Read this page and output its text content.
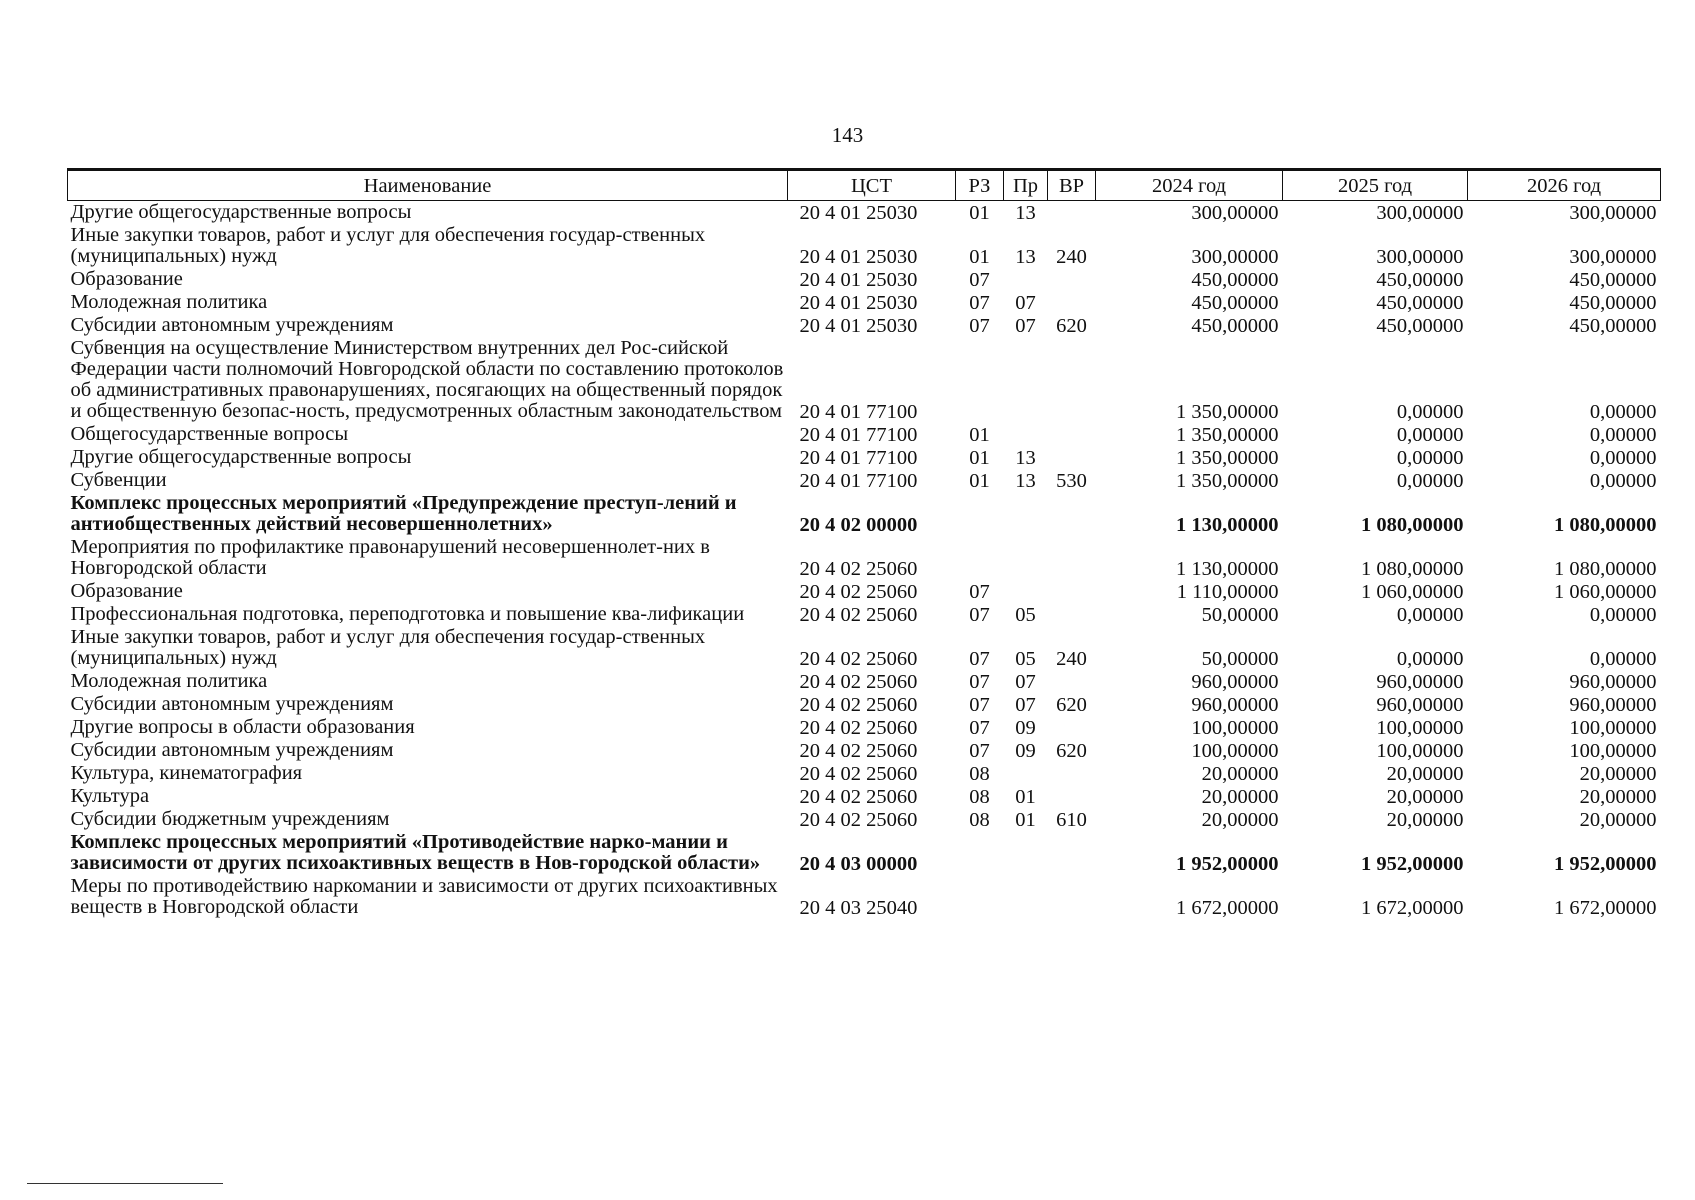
143
Наименование	ЦСТ	РЗ	Пр	ВР	2024 год	2025 год	2026 год
Другие общегосударственные вопросы	20 4 01 25030	01	13		300,00000	300,00000	300,00000
Иные закупки товаров, работ и услуг для обеспечения государ-ственных (муниципальных) нужд	20 4 01 25030	01	13	240	300,00000	300,00000	300,00000
Образование	20 4 01 25030	07			450,00000	450,00000	450,00000
Молодежная политика	20 4 01 25030	07	07		450,00000	450,00000	450,00000
Субсидии автономным учреждениям	20 4 01 25030	07	07	620	450,00000	450,00000	450,00000
Субвенция на осуществление Министерством внутренних дел Рос-сийской Федерации части полномочий Новгородской области по составлению протоколов об административных правонарушениях, посягающих на общественный порядок и общественную безопас-ность, предусмотренных областным законодательством	20 4 01 77100				1 350,00000	0,00000	0,00000
Общегосударственные вопросы	20 4 01 77100	01			1 350,00000	0,00000	0,00000
Другие общегосударственные вопросы	20 4 01 77100	01	13		1 350,00000	0,00000	0,00000
Субвенции	20 4 01 77100	01	13	530	1 350,00000	0,00000	0,00000
Комплекс процессных мероприятий «Предупреждение преступ-лений и антиобщественных действий несовершеннолетних»	20 4 02 00000				1 130,00000	1 080,00000	1 080,00000
Мероприятия по профилактике правонарушений несовершеннолет-них в Новгородской области	20 4 02 25060				1 130,00000	1 080,00000	1 080,00000
Образование	20 4 02 25060	07			1 110,00000	1 060,00000	1 060,00000
Профессиональная подготовка, переподготовка и повышение ква-лификации	20 4 02 25060	07	05		50,00000	0,00000	0,00000
Иные закупки товаров, работ и услуг для обеспечения государ-ственных (муниципальных) нужд	20 4 02 25060	07	05	240	50,00000	0,00000	0,00000
Молодежная политика	20 4 02 25060	07	07		960,00000	960,00000	960,00000
Субсидии автономным учреждениям	20 4 02 25060	07	07	620	960,00000	960,00000	960,00000
Другие вопросы в области образования	20 4 02 25060	07	09		100,00000	100,00000	100,00000
Субсидии автономным учреждениям	20 4 02 25060	07	09	620	100,00000	100,00000	100,00000
Культура, кинематография	20 4 02 25060	08			20,00000	20,00000	20,00000
Культура	20 4 02 25060	08	01		20,00000	20,00000	20,00000
Субсидии бюджетным учреждениям	20 4 02 25060	08	01	610	20,00000	20,00000	20,00000
Комплекс процессных мероприятий «Противодействие нарко-мании и зависимости от других психоактивных веществ в Нов-городской области»	20 4 03 00000				1 952,00000	1 952,00000	1 952,00000
Меры по противодействию наркомании и зависимости от других психоактивных веществ в Новгородской области	20 4 03 25040				1 672,00000	1 672,00000	1 672,00000
